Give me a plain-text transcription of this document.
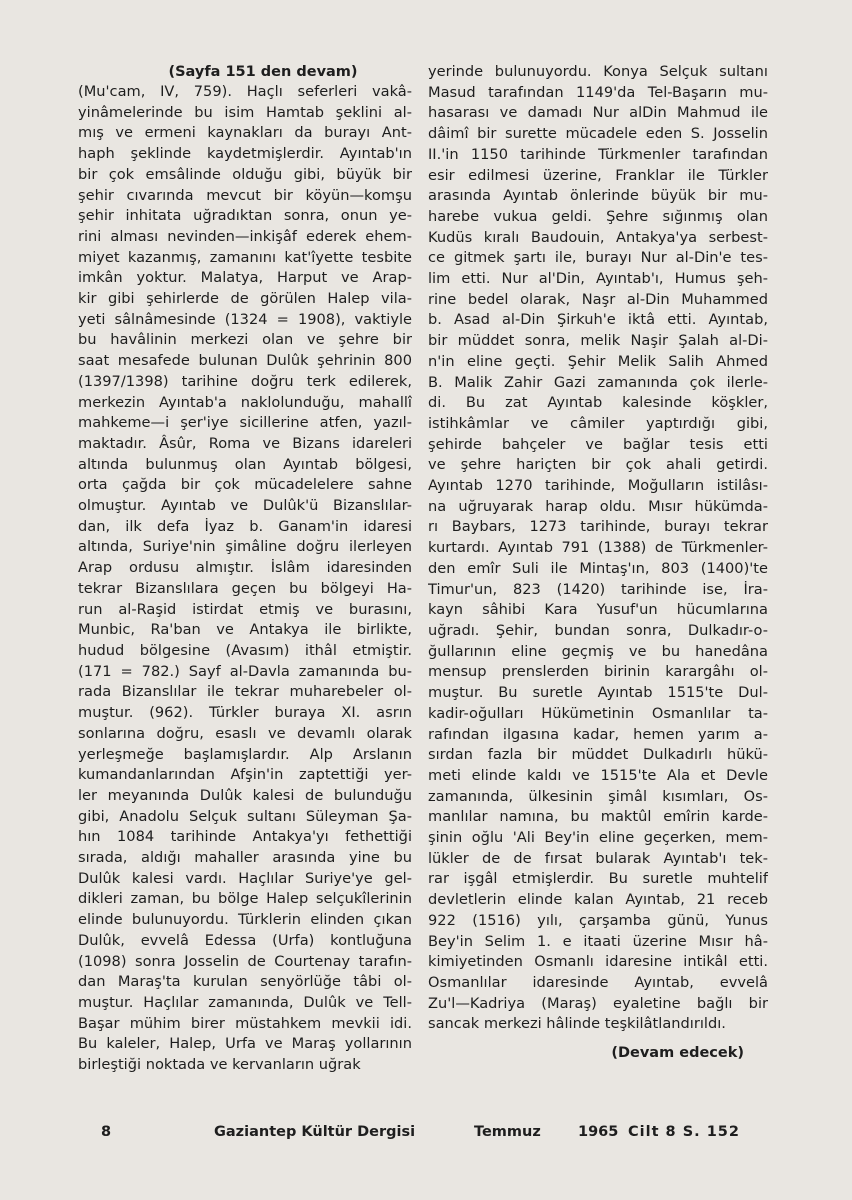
(Sayfa 151 den devam)

(Mu'cam, IV, 759). Haçlı seferleri vakâ-
yinâmelerinde bu isim Hamtab şeklini al-
mış ve ermeni kaynakları da burayı Ant-
haph şeklinde kaydetmişlerdir. Ayıntab'ın
bir çok emsâlinde olduğu gibi, büyük bir
şehir cıvarında mevcut bir köyün—komşu
şehir inhitata uğradıktan sonra, onun ye-
rini alması nevinden—inkişâf ederek ehem-
miyet kazanmış, zamanını kat'îyette tesbite
imkân yoktur. Malatya, Harput ve Arap-
kir gibi şehirlerde de görülen Halep vila-
yeti sâlnâmesinde (1324 = 1908), vaktiyle
bu havâlinin merkezi olan ve şehre bir
saat mesafede bulunan Dulûk şehrinin 800
(1397/1398) tarihine doğru terk edilerek,
merkezin Ayıntab'a naklolunduğu, mahallî
mahkeme—i şer'iye sicillerine atfen, yazıl-
maktadır. Âsûr, Roma ve Bizans idareleri
altında bulunmuş olan Ayıntab bölgesi,
orta çağda bir çok mücadelelere sahne
olmuştur. Ayıntab ve Dulûk'ü Bizanslılar-
dan, ilk defa İyaz b. Ganam'in idaresi
altında, Suriye'nin şimâline doğru ilerleyen
Arap ordusu almıştır. İslâm idaresinden
tekrar Bizanslılara geçen bu bölgeyi Ha-
run al-Raşid istirdat etmiş ve burasını,
Munbic, Ra'ban ve Antakya ile birlikte,
hudud bölgesine (Avasım) ithâl etmiştir.
(171 = 782.) Sayf al-Davla zamanında bu-
rada Bizanslılar ile tekrar muharebeler ol-
muştur. (962). Türkler buraya XI. asrın
sonlarına doğru, esaslı ve devamlı olarak
yerleşmeğe başlamışlardır. Alp Arslanın
kumandanlarından Afşin'in zaptettiği yer-
ler meyanında Dulûk kalesi de bulunduğu
gibi, Anadolu Selçuk sultanı Süleyman Şa-
hın 1084 tarihinde Antakya'yı fethettiği
sırada, aldığı mahaller arasında yine bu
Dulûk kalesi vardı. Haçlılar Suriye'ye gel-
dikleri zaman, bu bölge Halep selçukîlerinin
elinde bulunuyordu. Türklerin elinden çıkan
Dulûk, evvelâ Edessa (Urfa) kontluğuna
(1098) sonra Josselin de Courtenay tarafın-
dan Maraş'ta kurulan senyörlüğe tâbi ol-
muştur. Haçlılar zamanında, Dulûk ve Tell-
Başar mühim birer müstahkem mevkii idi.
Bu kaleler, Halep, Urfa ve Maraş yollarının
birleştiği noktada ve kervanların uğrak
yerinde bulunuyordu. Konya Selçuk sultanı
Masud tarafından 1149'da Tel-Başarın mu-
hasarası ve damadı Nur alDin Mahmud ile
dâimî bir surette mücadele eden S. Josselin
II.'in 1150 tarihinde Türkmenler tarafından
esir edilmesi üzerine, Franklar ile Türkler
arasında Ayıntab önlerinde büyük bir mu-
harebe vukua geldi. Şehre sığınmış olan
Kudüs kıralı Baudouin, Antakya'ya serbest-
ce gitmek şartı ile, burayı Nur al-Din'e tes-
lim etti. Nur al'Din, Ayıntab'ı, Humus şeh-
rine bedel olarak, Naşr al-Din Muhammed
b. Asad al-Din Şirkuh'e iktâ etti. Ayıntab,
bir müddet sonra, melik Naşir Şalah al-Di-
n'in eline geçti. Şehir Melik Salih Ahmed
B. Malik Zahir Gazi zamanında çok ilerle-
di. Bu zat Ayıntab kalesinde köşkler,
istihkâmlar ve câmiler yaptırdığı gibi,
şehirde bahçeler ve bağlar tesis etti
ve şehre hariçten bir çok ahali getirdi.
Ayıntab 1270 tarihinde, Moğulların istilâsı-
na uğruyarak harap oldu. Mısır hükümda-
rı Baybars, 1273 tarihinde, burayı tekrar
kurtardı. Ayıntab 791 (1388) de Türkmenler-
den emîr Suli ile Mintaş'ın, 803 (1400)'te
Timur'un, 823 (1420) tarihinde ise, İra-
kayn sâhibi Kara Yusuf'un hücumlarına
uğradı. Şehir, bundan sonra, Dulkadır-o-
ğullarının eline geçmiş ve bu hanedâna
mensup prenslerden birinin karargâhı ol-
muştur. Bu suretle Ayıntab 1515'te Dul-
kadir-oğulları Hükümetinin Osmanlılar ta-
rafından ilgasına kadar, hemen yarım a-
sırdan fazla bir müddet Dulkadırlı hükü-
meti elinde kaldı ve 1515'te Ala et Devle
zamanında, ülkesinin şimâl kısımları, Os-
manlılar namına, bu maktûl emîrin karde-
şinin oğlu 'Ali Bey'in eline geçerken, mem-
lükler de de fırsat bularak Ayıntab'ı tek-
rar işgâl etmişlerdir. Bu suretle muhtelif
devletlerin elinde kalan Ayıntab, 21 receb
922 (1516) yılı, çarşamba günü, Yunus
Bey'in Selim 1. e itaati üzerine Mısır hâ-
kimiyetinden Osmanlı idaresine intikâl etti.
Osmanlılar idaresinde Ayıntab, evvelâ
Zu'l—Kadriya (Maraş) eyaletine bağlı bir
sancak merkezi hâlinde teşkilâtlandırıldı.
(Devam edecek)
8	Gaziantep Kültür Dergisi	Temmuz	1965 Cilt 8 S. 152
